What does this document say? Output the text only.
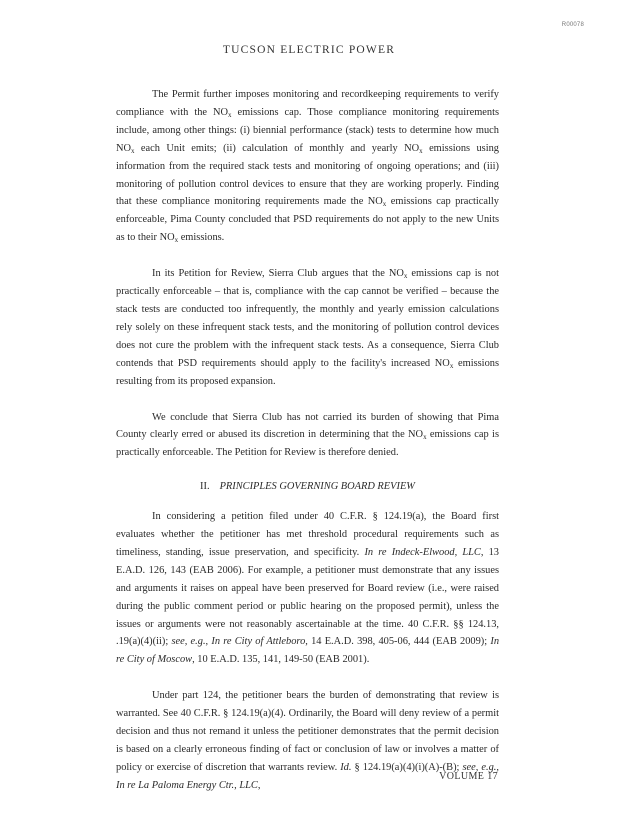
R00078
TUCSON ELECTRIC POWER

The Permit further imposes monitoring and recordkeeping requirements to verify compliance with the $NO_x$ emissions cap. Those compliance monitoring requirements include, among other things: (i) biennial performance (stack) tests to determine how much $NO_x$ each Unit emits; (ii) calculation of monthly and yearly $NO_x$ emissions using information from the required stack tests and monitoring of ongoing operations; and (iii) monitoring of pollution control devices to ensure that they are working properly. Finding that these compliance monitoring requirements made the $NO_x$ emissions cap practically enforceable, Pima County concluded that PSD requirements do not apply to the new Units as to their $NO_x$ emissions.

In its Petition for Review, Sierra Club argues that the $NO_x$ emissions cap is not practically enforceable – that is, compliance with the cap cannot be verified – because the stack tests are conducted too infrequently, the monthly and yearly emission calculations rely solely on these infrequent stack tests, and the monitoring of pollution control devices does not cure the problem with the infrequent stack tests. As a consequence, Sierra Club contends that PSD requirements should apply to the facility's increased $NO_x$ emissions resulting from its proposed expansion.

We conclude that Sierra Club has not carried its burden of showing that Pima County clearly erred or abused its discretion in determining that the $NO_x$ emissions cap is practically enforceable. The Petition for Review is therefore denied.

II. PRINCIPLES GOVERNING BOARD REVIEW

In considering a petition filed under 40 C.F.R. § 124.19(a), the Board first evaluates whether the petitioner has met threshold procedural requirements such as timeliness, standing, issue preservation, and specificity. In re Indeck-Elwood, LLC, 13 E.A.D. 126, 143 (EAB 2006). For example, a petitioner must demonstrate that any issues and arguments it raises on appeal have been preserved for Board review (i.e., were raised during the public comment period or public hearing on the proposed permit), unless the issues or arguments were not reasonably ascertainable at the time. 40 C.F.R. §§ 124.13, .19(a)(4)(ii); see, e.g., In re City of Attleboro, 14 E.A.D. 398, 405-06, 444 (EAB 2009); In re City of Moscow, 10 E.A.D. 135, 141, 149-50 (EAB 2001).

Under part 124, the petitioner bears the burden of demonstrating that review is warranted. See 40 C.F.R. § 124.19(a)(4). Ordinarily, the Board will deny review of a permit decision and thus not remand it unless the petitioner demonstrates that the permit decision is based on a clearly erroneous finding of fact or conclusion of law or involves a matter of policy or exercise of discretion that warrants review. Id. § 124.19(a)(4)(i)(A)-(B); see, e.g., In re La Paloma Energy Ctr., LLC,

VOLUME 17
